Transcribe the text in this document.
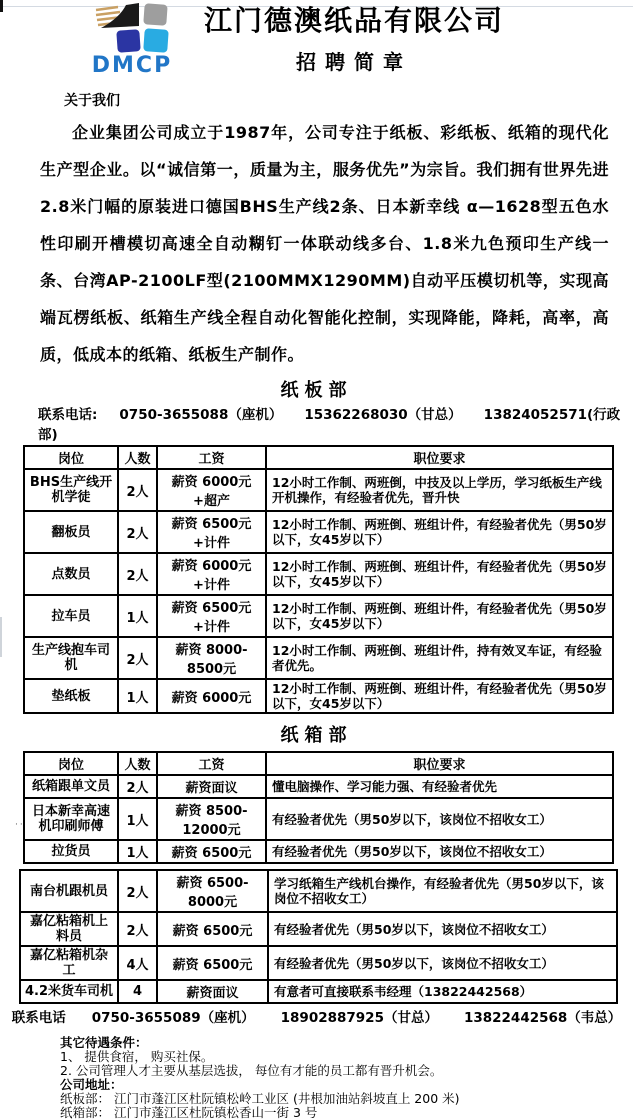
··
DMCP
江门德澳纸品有限公司
招聘简章
关于我们
企业集团公司成立于1987年，公司专注于纸板、彩纸板、纸箱的现代化生产型企业。以“诚信第一，质量为主，服务优先”为宗旨。我们拥有世界先进2.8米门幅的原装进口德国BHS生产线2条、日本新幸线 α—1628型五色水性印刷开槽模切高速全自动糊钉一体联动线多台、1.8米九色预印生产线一条、台湾AP-2100LF型(2100MMX1290MM)自动平压模切机等，实现高端瓦楞纸板、纸箱生产线全程自动化智能化控制，实现降能，降耗，高率，高质，低成本的纸箱、纸板生产制作。
纸板部
联系电话: 0750-3655088（座机） 15362268030（甘总） 13824052571(行政部)
岗位	人数	工资	职位要求
BHS生产线开机学徒	2人	薪资 6000元+超产	12小时工作制、两班倒，中技及以上学历，学习纸板生产线开机操作，有经验者优先，晋升快
翻板员	2人	薪资 6500元+计件	12小时工作制、两班倒、班组计件，有经验者优先（男50岁以下，女45岁以下）
点数员	2人	薪资 6000元+计件	12小时工作制、两班倒、班组计件，有经验者优先（男50岁以下，女45岁以下）
拉车员	1人	薪资 6500元+计件	12小时工作制、两班倒、班组计件，有经验者优先（男50岁以下，女45岁以下）
生产线抱车司机	2人	薪资 8000-8500元	12小时工作制、两班倒、班组计件，持有效叉车证，有经验者优先。
垫纸板	1人	薪资 6000元	12小时工作制、两班倒、班组计件，有经验者优先（男50岁以下，女45岁以下）
纸箱部
岗位	人数	工资	职位要求
纸箱跟单文员	2人	薪资面议	懂电脑操作、学习能力强、有经验者优先
日本新幸高速机印刷师傅	1人	薪资 8500-12000元	有经验者优先（男50岁以下，该岗位不招收女工）
拉货员	1人	薪资 6500元	有经验者优先（男50岁以下，该岗位不招收女工）
南台机跟机员	2人	薪资 6500-8000元	学习纸箱生产线机台操作，有经验者优先（男50岁以下，该岗位不招收女工）
嘉亿粘箱机上料员	2人	薪资 6500元	有经验者优先（男50岁以下，该岗位不招收女工）
嘉亿粘箱机杂工	4人	薪资 6500元	有经验者优先（男50岁以下，该岗位不招收女工）
4.2米货车司机	4	薪资面议	有意者可直接联系韦经理（13822442568）
联系电话 0750-3655089（座机） 18902887925（甘总） 13822442568（韦总）
其它待遇条件：
1、 提供食宿， 购买社保。
2. 公司管理人才主要从基层选拔， 每位有才能的员工都有晋升机会。
公司地址：
纸板部： 江门市蓬江区杜阮镇松岭工业区 (井根加油站斜坡直上 200 米)
纸箱部： 江门市蓬江区杜阮镇松香山一街 3 号
